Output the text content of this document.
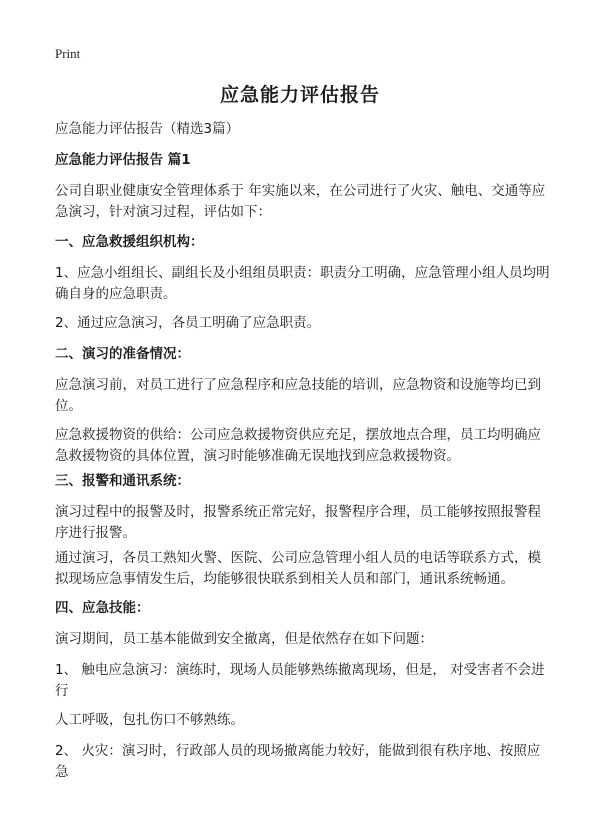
Print
应急能力评估报告
应急能力评估报告（精选3篇）
应急能力评估报告 篇1
公司自职业健康安全管理体系于 年实施以来，在公司进行了火灾、触电、交通等应急演习，针对演习过程，评估如下：
一、应急救援组织机构：
1、应急小组组长、副组长及小组组员职责：职责分工明确，应急管理小组人员均明确自身的应急职责。
2、通过应急演习，各员工明确了应急职责。
二、演习的准备情况：
应急演习前，对员工进行了应急程序和应急技能的培训，应急物资和设施等均已到位。
应急救援物资的供给：公司应急救援物资供应充足，摆放地点合理，员工均明确应急救援物资的具体位置，演习时能够准确无误地找到应急救援物资。
三、报警和通讯系统：
演习过程中的报警及时，报警系统正常完好，报警程序合理，员工能够按照报警程序进行报警。
通过演习，各员工熟知火警、医院、公司应急管理小组人员的电话等联系方式，模拟现场应急事情发生后，均能够很快联系到相关人员和部门，通讯系统畅通。
四、应急技能：
演习期间，员工基本能做到安全撤离，但是依然存在如下问题：
1、 触电应急演习：演练时，现场人员能够熟练撤离现场，但是， 对受害者不会进行
人工呼吸，包扎伤口不够熟练。
2、 火灾：演习时，行政部人员的现场撤离能力较好，能做到很有秩序地、按照应急
